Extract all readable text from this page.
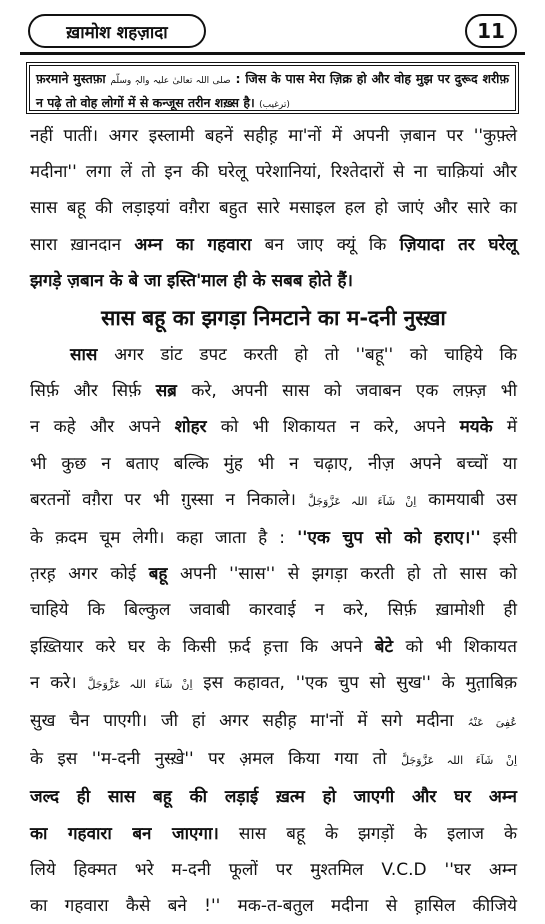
ख़ामोश शहज़ादा	11
फ़रमाने मुस्तफ़ा صلی اللہ تعالیٰ علیہ والہٖ وسلّم : जिस के पास मेरा ज़िक्र हो और वोह मुझ पर दुरूद शरीफ़ न पढ़े तो वोह लोगों में से कन्जूस तरीन शख़्स है। (ترغیب)
नहीं पातीं। अगर इस्लामी बहनें सहीह़ मा'नों में अपनी ज़बान पर ''कुफ़्ले
मदीना'' लगा लें तो इन की घरेलू परेशानियां, रिश्तेदारों से ना चाक़ियां और
सास बहू की लड़ाइयां वग़ैरा बहुत सारे मसाइल हल हो जाएं और सारे का
सारा ख़ानदान अम्न का गहवारा बन जाए क्यूं कि ज़ियादा तर घरेलू
झगड़े ज़बान के बे जा इस्ति'माल ही के सबब होते हैं।
सास बहू का झगड़ा निमटाने का म-दनी नुस्ख़ा
सास अगर डांट डपट करती हो तो ''बहू'' को चाहिये कि
सिर्फ़ और सिर्फ़ सब्र करे, अपनी सास को जवाबन एक लफ़्ज़ भी
न कहे और अपने शोहर को भी शिकायत न करे, अपने मयके में
भी कुछ न बताए बल्कि मुंह भी न चढ़ाए, नीज़ अपने बच्चों या
बरतनों वग़ैरा पर भी ग़ुस्सा न निकाले। اِنْ شَآءَ اللہ عَزَّوَجَلَّ कामयाबी उस
के क़दम चूम लेगी। कहा जाता है : ''एक चुप सो को हराए।'' इसी
त़रह़ अगर कोई बहू अपनी ''सास'' से झगड़ा करती हो तो सास को
चाहिये कि बिल्कुल जवाबी कारवाई न करे, सिर्फ़ ख़ामोशी ही
इख़्तियार करे घर के किसी फ़र्द ह़त्ता कि अपने बेटे को भी शिकायत
न करे। اِنْ شَآءَ اللہ عَزَّوَجَلَّ इस कहावत, ''एक चुप सो सुख'' के मुत़ाबिक़
सुख चैन पाएगी। जी हां अगर सहीह़ मा'नों में सगे मदीना عُفِیَ عَنْہُ
के इस ''म-दनी नुस्ख़े'' पर अ़मल किया गया तो اِنْ شَآءَ اللہ عَزَّوَجَلَّ
जल्द ही सास बहू की लड़ाई ख़त्म हो जाएगी और घर अम्न
का गहवारा बन जाएगा। सास बहू के झगड़ों के इलाज के
लिये हिक्मत भरे म-दनी फूलों पर मुश्तमिल V.C.D ''घर अम्न
का गहवारा कैसे बने !'' मक-त-बतुल मदीना से ह़ासिल कीजिये
